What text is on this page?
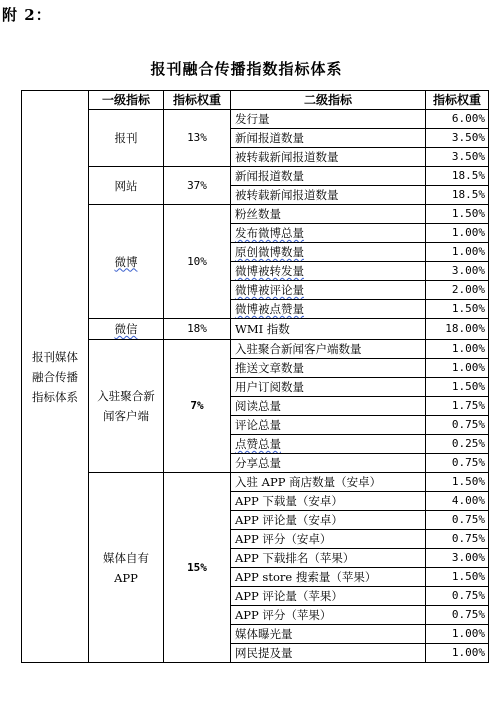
附 2：
报刊融合传播指数指标体系
报刊媒体融合传播指标体系	一级指标	指标权重	二级指标	指标权重
	报刊	13%	发行量	6.00%
			新闻报道数量	3.50%
			被转载新闻报道数量	3.50%
	网站	37%	新闻报道数量	18.5%
			被转载新闻报道数量	18.5%
	微博	10%	粉丝数量	1.50%
			发布微博总量	1.00%
			原创微博数量	1.00%
			微博被转发量	3.00%
			微博被评论量	2.00%
			微博被点赞量	1.50%
	微信	18%	WMI 指数	18.00%
	入驻聚合新闻客户端	7%	入驻聚合新闻客户端数量	1.00%
			推送文章数量	1.00%
			用户订阅数量	1.50%
			阅读总量	1.75%
			评论总量	0.75%
			点赞总量	0.25%
			分享总量	0.75%
	媒体自有APP	15%	入驻 APP 商店数量（安卓）	1.50%
			APP 下载量（安卓）	4.00%
			APP 评论量（安卓）	0.75%
			APP 评分（安卓）	0.75%
			APP 下载排名（苹果）	3.00%
			APP store 搜索量（苹果）	1.50%
			APP 评论量（苹果）	0.75%
			APP 评分（苹果）	0.75%
			媒体曝光量	1.00%
			网民提及量	1.00%
